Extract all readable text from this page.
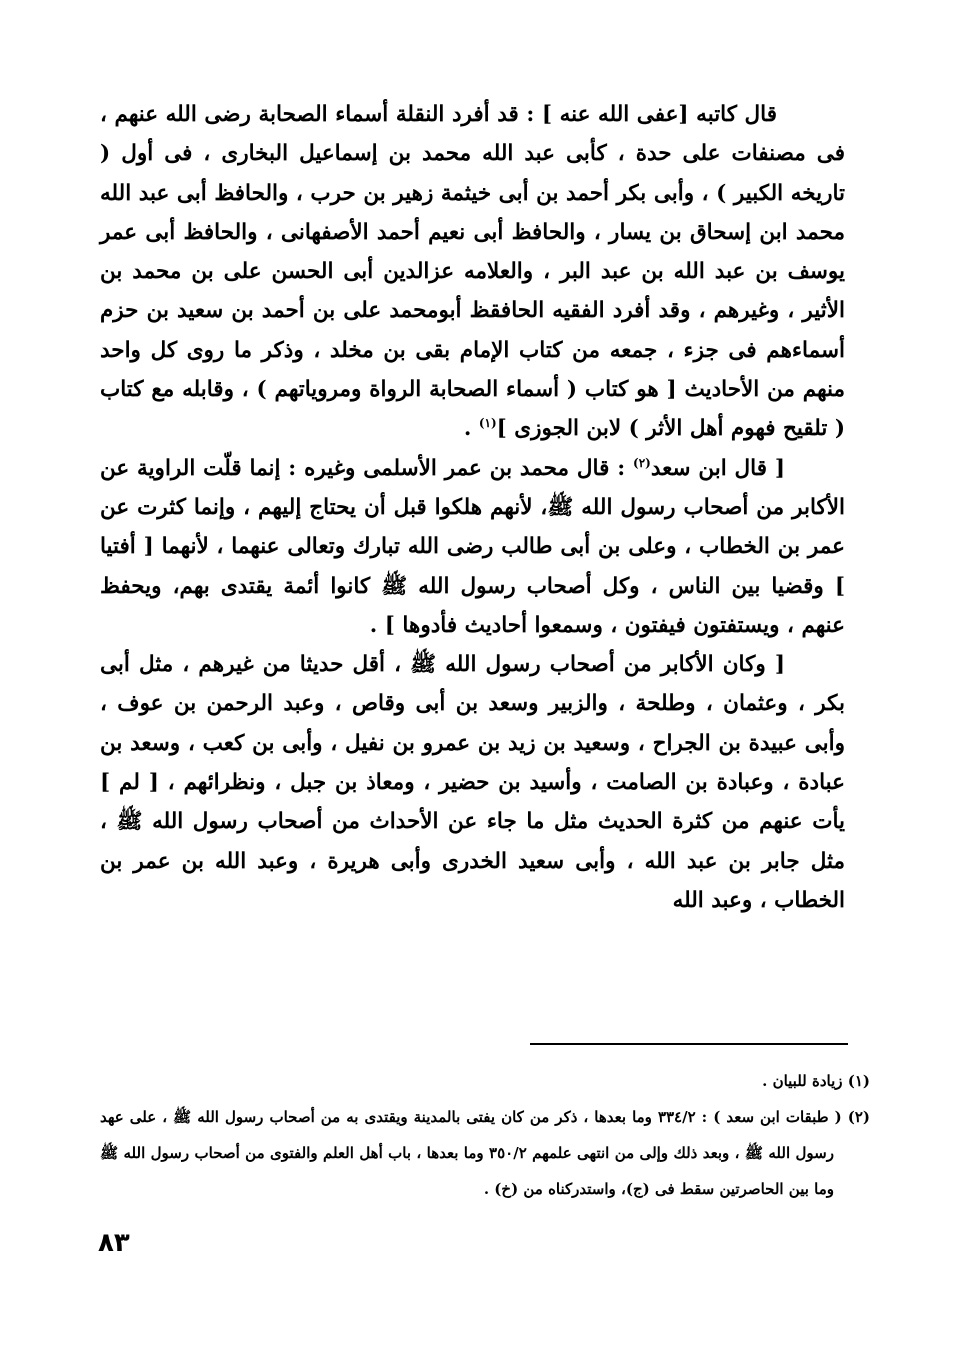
قال كاتبه [عفى الله عنه ] : قد أفرد النقلة أسماء الصحابة رضى الله عنهم ، فى مصنفات على حدة ، كأبى عبد الله محمد بن إسماعيل البخارى ، فى أول ( تاريخه الكبير ) ، وأبى بكر أحمد بن أبى خيثمة زهير بن حرب ، والحافظ أبى عبد الله محمد ابن إسحاق بن يسار ، والحافظ أبى نعيم أحمد الأصفهانى ، والحافظ أبى عمر يوسف بن عبد الله بن عبد البر ، والعلامه عزالدين أبى الحسن على بن محمد بن الأثير ، وغيرهم ، وقد أفرد الفقيه الحافقظ أبومحمد على بن أحمد بن سعيد بن حزم أسماءهم فى جزء ، جمعه من كتاب الإمام بقى بن مخلد ، وذكر ما روى كل واحد منهم من الأحاديث [ هو كتاب ( أسماء الصحابة الرواة ومروياتهم ) ، وقابله مع كتاب ( تلقيح فهوم أهل الأثر ) لابن الجوزى ]$^{(١)}$ .

[ قال ابن سعد$^{(٢)}$ : قال محمد بن عمر الأسلمى وغيره : إنما قلّت الراوية عن الأكابر من أصحاب رسول الله ﷺ، لأنهم هلكوا قبل أن يحتاج إليهم ، وإنما كثرت عن عمر بن الخطاب ، وعلى بن أبى طالب رضى الله تبارك وتعالى عنهما ، لأنهما [ أفتيا ] وقضيا بين الناس ، وكل أصحاب رسول الله ﷺ كانوا أئمة يقتدى بهم، ويحفظ عنهم ، ويستفتون فيفتون ، وسمعوا أحاديث فأدوها ] .

[ وكان الأكابر من أصحاب رسول الله ﷺ ، أقل حديثا من غيرهم ، مثل أبى بكر ، وعثمان ، وطلحة ، والزبير وسعد بن أبى وقاص ، وعبد الرحمن بن عوف ، وأبى عبيدة بن الجراح ، وسعيد بن زيد بن عمرو بن نفيل ، وأبى بن كعب ، وسعد بن عبادة ، وعبادة بن الصامت ، وأسيد بن حضير ، ومعاذ بن جبل ، ونظرائهم ، [ لم ] يأت عنهم من كثرة الحديث مثل ما جاء عن الأحداث من أصحاب رسول الله ﷺ ، مثل جابر بن عبد الله ، وأبى سعيد الخدرى وأبى هريرة ، وعبد الله بن عمر بن الخطاب ، وعبد الله

(١) زيادة للبيان .

(٢) ( طبقات ابن سعد ) : ٣٣٤/٢ وما بعدها ، ذكر من كان يفتى بالمدينة ويقتدى به من أصحاب رسول الله ﷺ ، على عهد رسول الله ﷺ ، وبعد ذلك وإلى من انتهى علمهم ٣٥٠/٢ وما بعدها ، باب أهل العلم والفتوى من أصحاب رسول الله ﷺ وما بين الحاصرتين سقط فى (ج)، واستدركناه من (خ) .

٨٣
